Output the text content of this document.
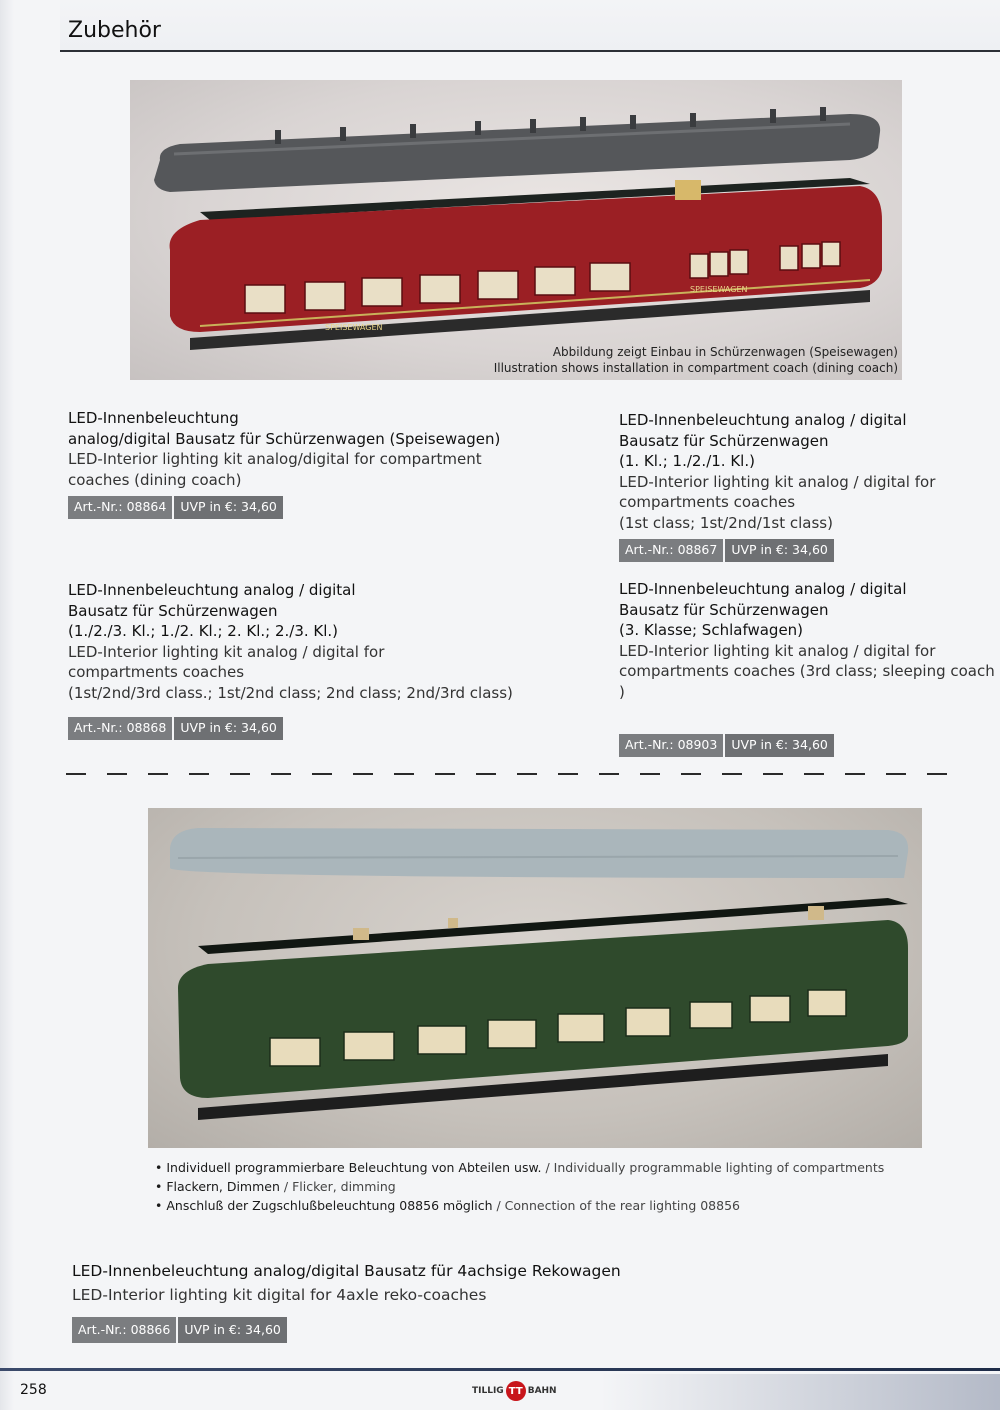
Zubehör
SPEISEWAGEN
SPEISEWAGEN
Abbildung zeigt Einbau in Schürzenwagen (Speisewagen)
Illustration shows installation in compartment coach (dining coach)
LED-Innenbeleuchtung
analog/digital Bausatz für Schürzenwagen (Speisewagen)
LED-Interior lighting kit analog/digital for compartment
coaches (dining coach)
Art.-Nr.: 08864	UVP in €: 34,60
LED-Innenbeleuchtung analog / digital
Bausatz für Schürzenwagen
(1. Kl.; 1./2./1. Kl.)
LED-Interior lighting kit analog / digital for
compartments coaches
(1st class; 1st/2nd/1st class)
Art.-Nr.: 08867	UVP in €: 34,60
LED-Innenbeleuchtung analog / digital
Bausatz für Schürzenwagen
(1./2./3. Kl.; 1./2. Kl.; 2. Kl.; 2./3. Kl.)
LED-Interior lighting kit analog / digital for
compartments coaches
(1st/2nd/3rd class.; 1st/2nd class; 2nd class; 2nd/3rd class)
Art.-Nr.: 08868	UVP in €: 34,60
LED-Innenbeleuchtung analog / digital
Bausatz für Schürzenwagen
(3. Klasse; Schlafwagen)
LED-Interior lighting kit analog / digital for
compartments coaches (3rd class; sleeping coach )
Art.-Nr.: 08903	UVP in €: 34,60
• Individuell programmierbare Beleuchtung von Abteilen usw. / Individually programmable lighting of compartments
• Flackern, Dimmen / Flicker, dimming
• Anschluß der Zugschlußbeleuchtung 08856 möglich / Connection of the rear lighting 08856
LED-Innenbeleuchtung analog/digital Bausatz für 4achsige Rekowagen
LED-Interior lighting kit digital for 4axle reko-coaches
Art.-Nr.: 08866	UVP in €: 34,60
258	TILLIG TT BAHN
